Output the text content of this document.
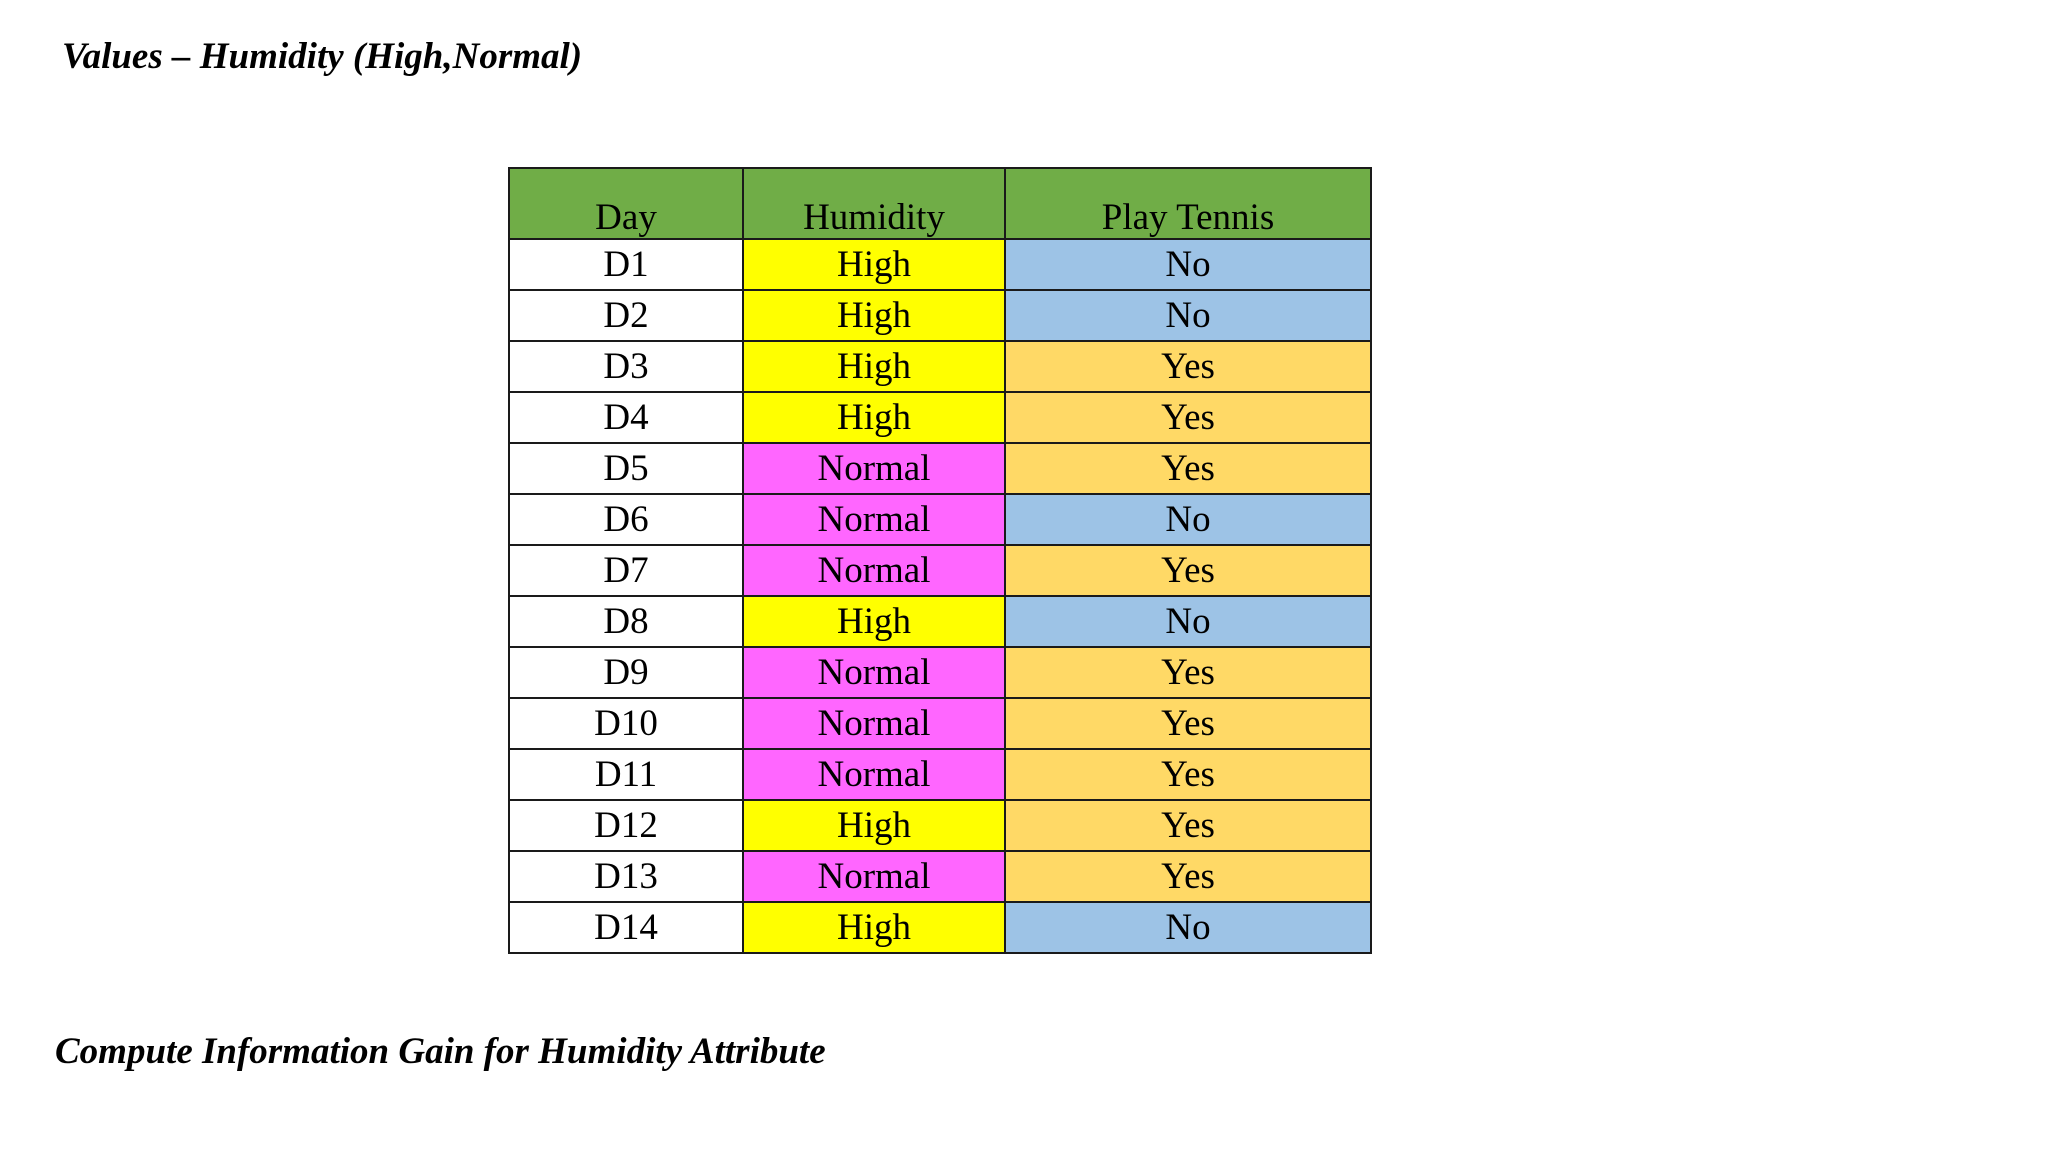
Values – Humidity (High,Normal)
Day	Humidity	Play Tennis
D1	High	No
D2	High	No
D3	High	Yes
D4	High	Yes
D5	Normal	Yes
D6	Normal	No
D7	Normal	Yes
D8	High	No
D9	Normal	Yes
D10	Normal	Yes
D11	Normal	Yes
D12	High	Yes
D13	Normal	Yes
D14	High	No
Compute Information Gain for Humidity Attribute
